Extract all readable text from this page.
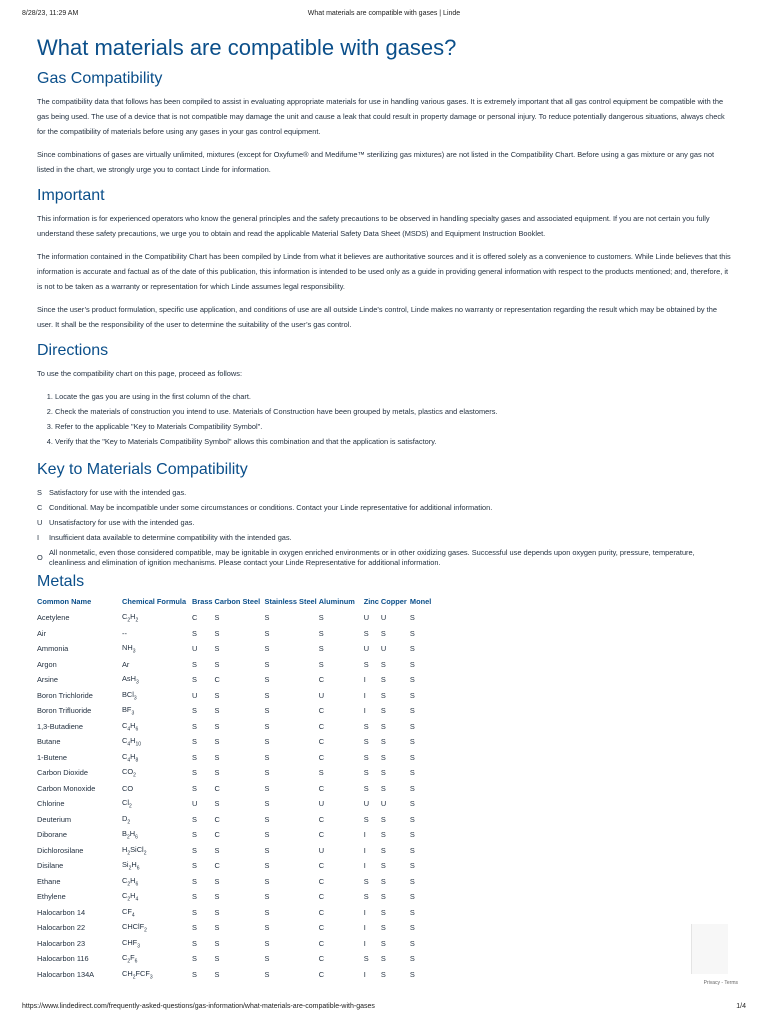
8/28/23, 11:29 AM	What materials are compatible with gases | Linde
What materials are compatible with gases?
Gas Compatibility

The compatibility data that follows has been compiled to assist in evaluating appropriate materials for use in handling various gases. It is extremely important that all gas control equipment be compatible with the gas being used. The use of a device that is not compatible may damage the unit and cause a leak that could result in property damage or personal injury. To reduce potentially dangerous situations, always check for the compatibility of materials before using any gases in your gas control equipment.

Since combinations of gases are virtually unlimited, mixtures (except for Oxyfume® and Medifume™ sterilizing gas mixtures) are not listed in the Compatibility Chart. Before using a gas mixture or any gas not listed in the chart, we strongly urge you to contact Linde for information.

Important

This information is for experienced operators who know the general principles and the safety precautions to be observed in handling specialty gases and associated equipment. If you are not certain you fully understand these safety precautions, we urge you to obtain and read the applicable Material Safety Data Sheet (MSDS) and Equipment Instruction Booklet.

The information contained in the Compatibility Chart has been compiled by Linde from what it believes are authoritative sources and it is offered solely as a convenience to customers. While Linde believes that this information is accurate and factual as of the date of this publication, this information is intended to be used only as a guide in providing general information with respect to the products mentioned; and, therefore, it is not to be taken as a warranty or representation for which Linde assumes legal responsibility.

Since the user’s product formulation, specific use application, and conditions of use are all outside Linde’s control, Linde makes no warranty or representation regarding the result which may be obtained by the user. It shall be the responsibility of the user to determine the suitability of the user’s gas control.

Directions

To use the compatibility chart on this page, proceed as follows:

1. Locate the gas you are using in the first column of the chart.
2. Check the materials of construction you intend to use. Materials of Construction have been grouped by metals, plastics and elastomers.
3. Refer to the applicable "Key to Materials Compatibility Symbol".
4. Verify that the "Key to Materials Compatibility Symbol" allows this combination and that the application is satisfactory.
Key to Materials Compatibility
S Satisfactory for use with the intended gas.
C Conditional. May be incompatible under some circumstances or conditions. Contact your Linde representative for additional information.
U Unsatisfactory for use with the intended gas.
I	Insufficient data available to determine compatibility with the intended gas.
O
All nonmetalic, even those considered compatible, may be ignitable in oxygen enriched environments or in other oxidizing gases. Successful use depends upon oxygen purity, pressure, temperature, cleanliness and elimination of ignition mechanisms. Please contact your Linde Representative for additional information.
Metals
Common Name	Chemical Formula	Brass	Carbon Steel	Stainless Steel	Aluminum	Zinc	Copper	Monel
Acetylene	$C_2H_2$	C	S	S	S	U	U	S
Air	--	S	S	S	S	S	S	S
Ammonia	$NH_3$	U	S	S	S	U	U	S
Argon	Ar	S	S	S	S	S	S	S
Arsine	AsH$_3$	S	C	S	C	I	S	S
Boron Trichloride	BCl$_3$	U	S	S	U	I	S	S
Boron Trifluoride	$BF_3$	S	S	S	C	I	S	S
1,3-Butadiene	$C_4H_6$	S	S	S	C	S	S	S
Butane	$C_4H_{10}$	S	S	S	C	S	S	S
1-Butene	$C_4H_8$	S	S	S	C	S	S	S
Carbon Dioxide	$CO_2$	S	S	S	S	S	S	S
Carbon Monoxide	CO	S	C	S	C	S	S	S
Chlorine	$Cl_2$	U	S	S	U	U	U	S
Deuterium	$D_2$	S	C	S	C	S	S	S
Diborane	$B_2H_6$	S	C	S	C	I	S	S
Dichlorosilane	$H_2SiCl_2$	S	S	S	U	I	S	S
Disilane	$Si_2H_6$	S	C	S	C	I	S	S
Ethane	$C_2H_6$	S	S	S	C	S	S	S
Ethylene	$C_2H_4$	S	S	S	C	S	S	S
Halocarbon 14	$CF_4$	S	S	S	C	I	S	S
Halocarbon 22	CHClF$_2$	S	S	S	C	I	S	S
Halocarbon 23	$CHF_3$	S	S	S	C	I	S	S
Halocarbon 116	$C_2F_6$	S	S	S	C	S	S	S
Halocarbon 134A	$CH_2FCF_3$	S	S	S	C	I	S	S
Privacy - Terms
https://www.lindedirect.com/frequently-asked-questions/gas-information/what-materials-are-compatible-with-gases	1/4
